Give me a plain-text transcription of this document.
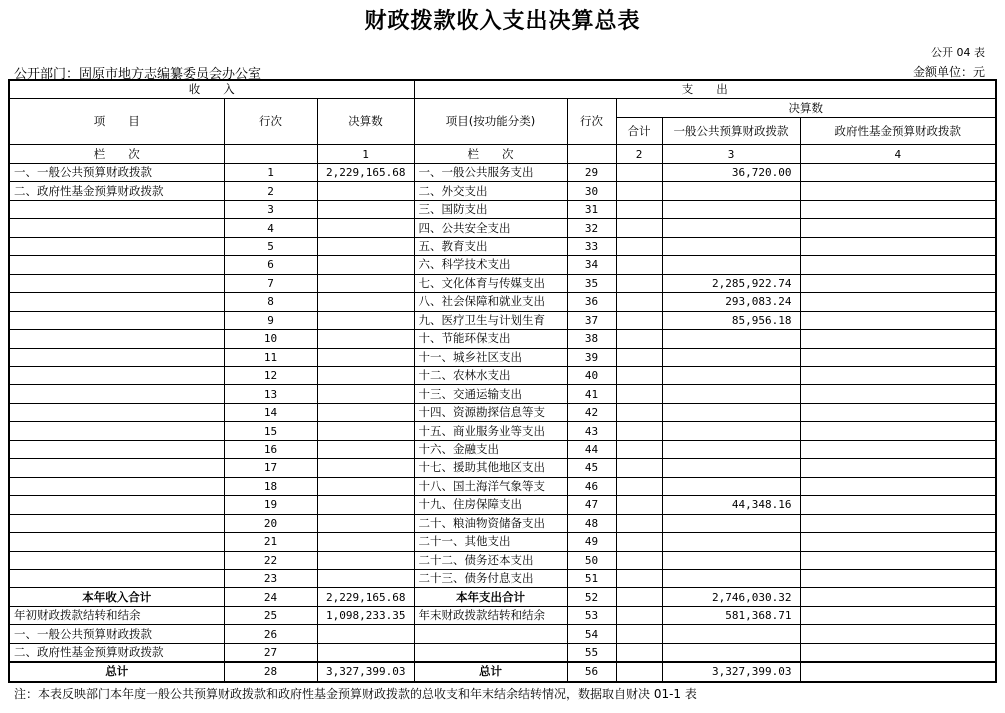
财政拨款收入支出决算总表
公开 04 表
公开部门：固原市地方志编纂委员会办公室	金额单位：元
收　　入			支　　出				
项　　目	行次	决算数	项目(按功能分类)	行次	决算数		
					合计	一般公共预算财政拨款	政府性基金预算财政拨款
栏　　次		1	栏　　次		2	3	4
一、一般公共预算财政拨款	1	2,229,165.68	一、一般公共服务支出	29		36,720.00	
二、政府性基金预算财政拨款	2		二、外交支出	30			
	3		三、国防支出	31			
	4		四、公共安全支出	32			
	5		五、教育支出	33			
	6		六、科学技术支出	34			
	7		七、文化体育与传媒支出	35		2,285,922.74	
	8		八、社会保障和就业支出	36		293,083.24	
	9		九、医疗卫生与计划生育	37		85,956.18	
	10		十、节能环保支出	38			
	11		十一、城乡社区支出	39			
	12		十二、农林水支出	40			
	13		十三、交通运输支出	41			
	14		十四、资源勘探信息等支	42			
	15		十五、商业服务业等支出	43			
	16		十六、金融支出	44			
	17		十七、援助其他地区支出	45			
	18		十八、国土海洋气象等支	46			
	19		十九、住房保障支出	47		44,348.16	
	20		二十、粮油物资储备支出	48			
	21		二十一、其他支出	49			
	22		二十二、债务还本支出	50			
	23		二十三、债务付息支出	51			
本年收入合计	24	2,229,165.68	本年支出合计	52		2,746,030.32	
年初财政拨款结转和结余	25	1,098,233.35	年末财政拨款结转和结余	53		581,368.71	
一、一般公共预算财政拨款	26			54			
二、政府性基金预算财政拨款	27			55			
总计	28	3,327,399.03	总计	56		3,327,399.03	
注：本表反映部门本年度一般公共预算财政拨款和政府性基金预算财政拨款的总收支和年末结余结转情况，数据取自财决 01-1 表
